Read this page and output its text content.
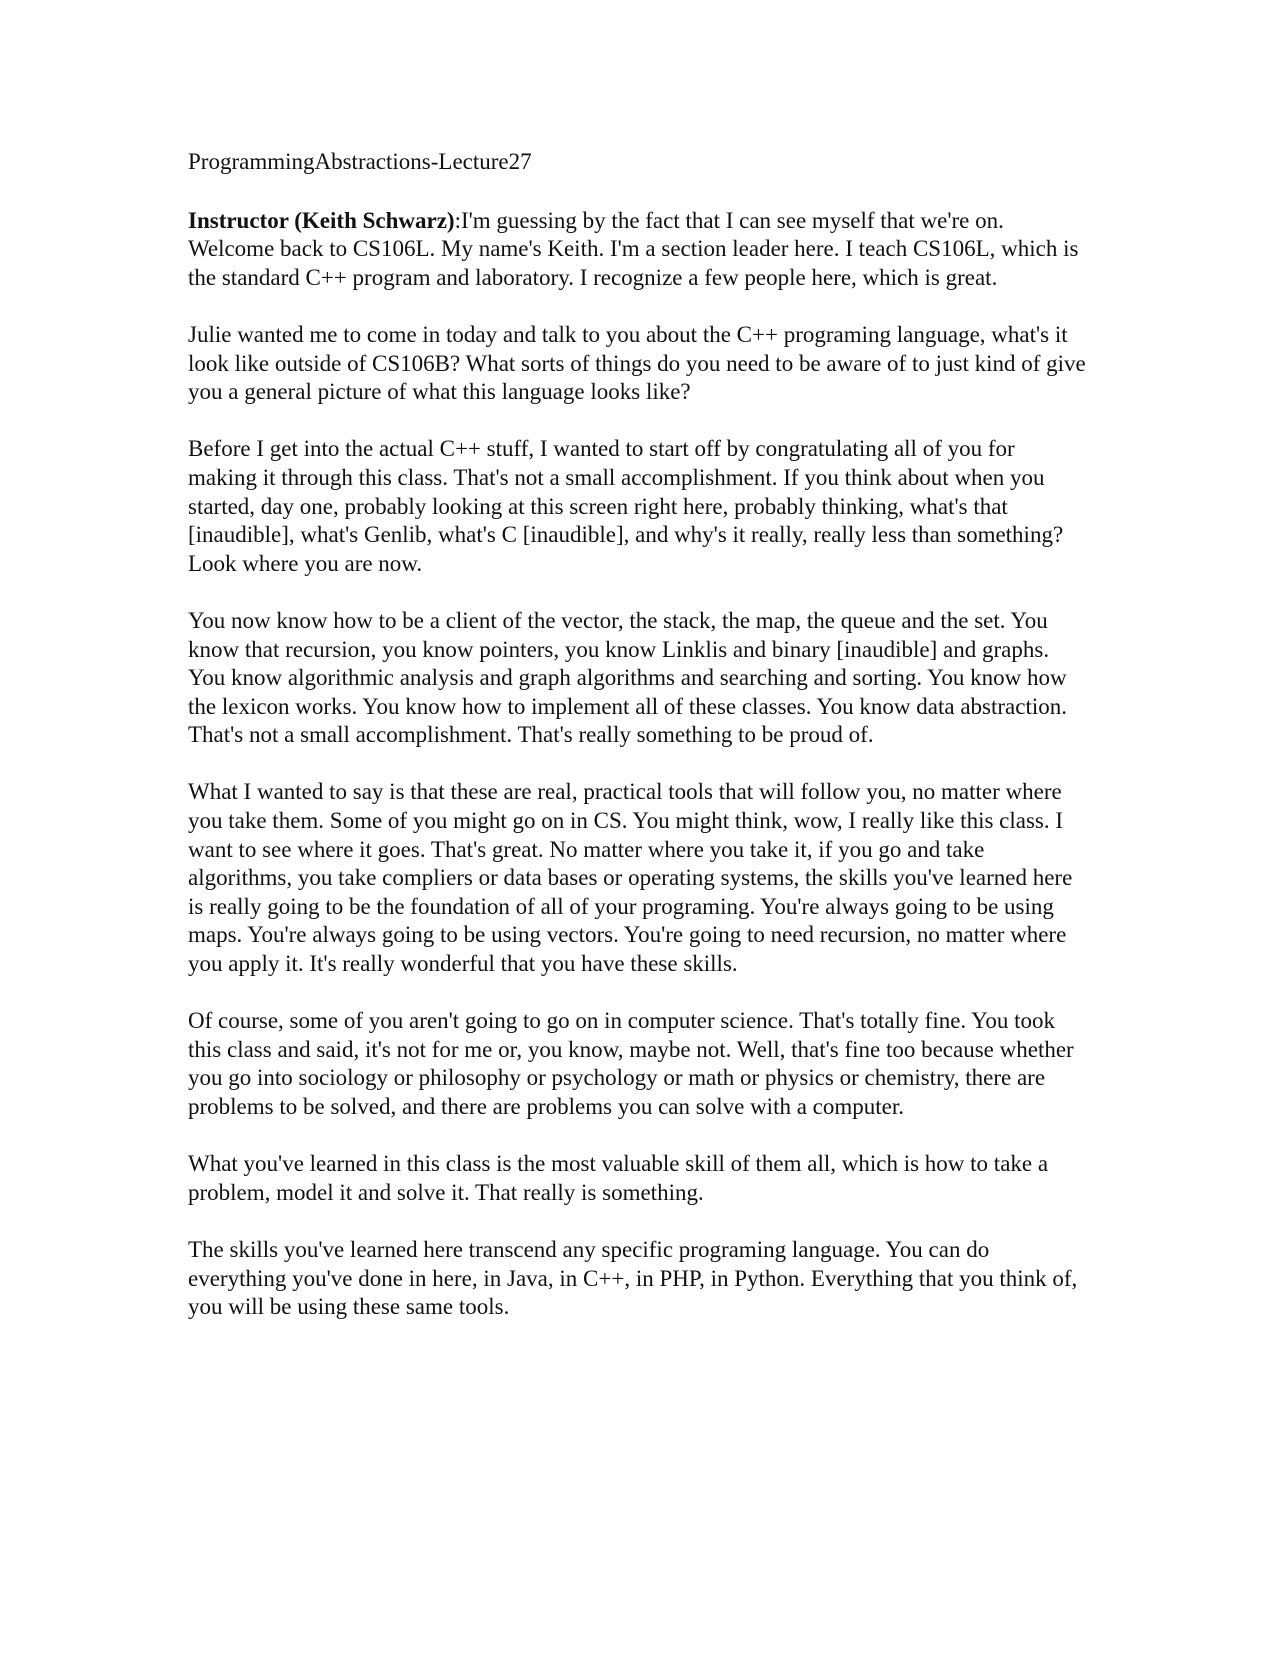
ProgrammingAbstractions-Lecture27

Instructor (Keith Schwarz):I'm guessing by the fact that I can see myself that we're on. Welcome back to CS106L. My name's Keith. I'm a section leader here. I teach CS106L, which is the standard C++ program and laboratory. I recognize a few people here, which is great.

Julie wanted me to come in today and talk to you about the C++ programing language, what's it look like outside of CS106B? What sorts of things do you need to be aware of to just kind of give you a general picture of what this language looks like?

Before I get into the actual C++ stuff, I wanted to start off by congratulating all of you for making it through this class. That's not a small accomplishment. If you think about when you started, day one, probably looking at this screen right here, probably thinking, what's that [inaudible], what's Genlib, what's C [inaudible], and why's it really, really less than something? Look where you are now.

You now know how to be a client of the vector, the stack, the map, the queue and the set. You know that recursion, you know pointers, you know Linklis and binary [inaudible] and graphs. You know algorithmic analysis and graph algorithms and searching and sorting. You know how the lexicon works. You know how to implement all of these classes. You know data abstraction. That's not a small accomplishment. That's really something to be proud of.

What I wanted to say is that these are real, practical tools that will follow you, no matter where you take them. Some of you might go on in CS. You might think, wow, I really like this class. I want to see where it goes. That's great. No matter where you take it, if you go and take algorithms, you take compliers or data bases or operating systems, the skills you've learned here is really going to be the foundation of all of your programing. You're always going to be using maps. You're always going to be using vectors. You're going to need recursion, no matter where you apply it. It's really wonderful that you have these skills.

Of course, some of you aren't going to go on in computer science. That's totally fine. You took this class and said, it's not for me or, you know, maybe not. Well, that's fine too because whether you go into sociology or philosophy or psychology or math or physics or chemistry, there are problems to be solved, and there are problems you can solve with a computer.

What you've learned in this class is the most valuable skill of them all, which is how to take a problem, model it and solve it. That really is something.

The skills you've learned here transcend any specific programing language. You can do everything you've done in here, in Java, in C++, in PHP, in Python. Everything that you think of, you will be using these same tools.
